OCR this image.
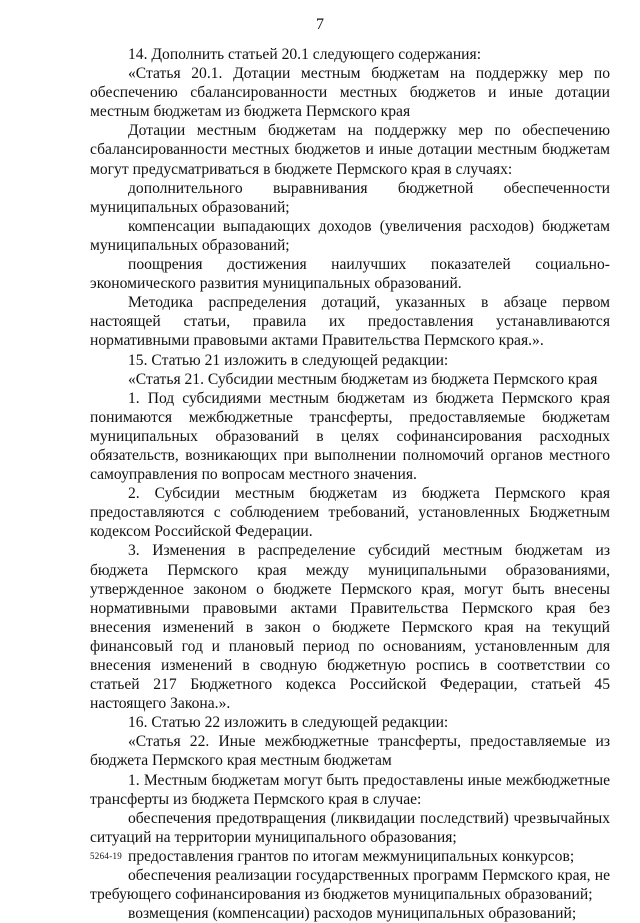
7

14. Дополнить статьей 20.1 следующего содержания:

«Статья 20.1. Дотации местным бюджетам на поддержку мер по обеспечению сбалансированности местных бюджетов и иные дотации местным бюджетам из бюджета Пермского края

Дотации местным бюджетам на поддержку мер по обеспечению сбалансированности местных бюджетов и иные дотации местным бюджетам могут предусматриваться в бюджете Пермского края в случаях:

дополнительного выравнивания бюджетной обеспеченности муниципальных образований;

компенсации выпадающих доходов (увеличения расходов) бюджетам муниципальных образований;

поощрения достижения наилучших показателей социально-экономического развития муниципальных образований.

Методика распределения дотаций, указанных в абзаце первом настоящей статьи, правила их предоставления устанавливаются нормативными правовыми актами Правительства Пермского края.».

15. Статью 21 изложить в следующей редакции:

«Статья 21. Субсидии местным бюджетам из бюджета Пермского края

1. Под субсидиями местным бюджетам из бюджета Пермского края понимаются межбюджетные трансферты, предоставляемые бюджетам муниципальных образований в целях софинансирования расходных обязательств, возникающих при выполнении полномочий органов местного самоуправления по вопросам местного значения.

2. Субсидии местным бюджетам из бюджета Пермского края предоставляются с соблюдением требований, установленных Бюджетным кодексом Российской Федерации.

3. Изменения в распределение субсидий местным бюджетам из бюджета Пермского края между муниципальными образованиями, утвержденное законом о бюджете Пермского края, могут быть внесены нормативными правовыми актами Правительства Пермского края без внесения изменений в закон о бюджете Пермского края на текущий финансовый год и плановый период по основаниям, установленным для внесения изменений в сводную бюджетную роспись в соответствии со статьей 217 Бюджетного кодекса Российской Федерации, статьей 45 настоящего Закона.».

16. Статью 22 изложить в следующей редакции:

«Статья 22. Иные межбюджетные трансферты, предоставляемые из бюджета Пермского края местным бюджетам

1. Местным бюджетам могут быть предоставлены иные межбюджетные трансферты из бюджета Пермского края в случае:

обеспечения предотвращения (ликвидации последствий) чрезвычайных ситуаций на территории муниципального образования;

предоставления грантов по итогам межмуниципальных конкурсов;

обеспечения реализации государственных программ Пермского края, не требующего софинансирования из бюджетов муниципальных образований;

возмещения (компенсации) расходов муниципальных образований;

5264-19
